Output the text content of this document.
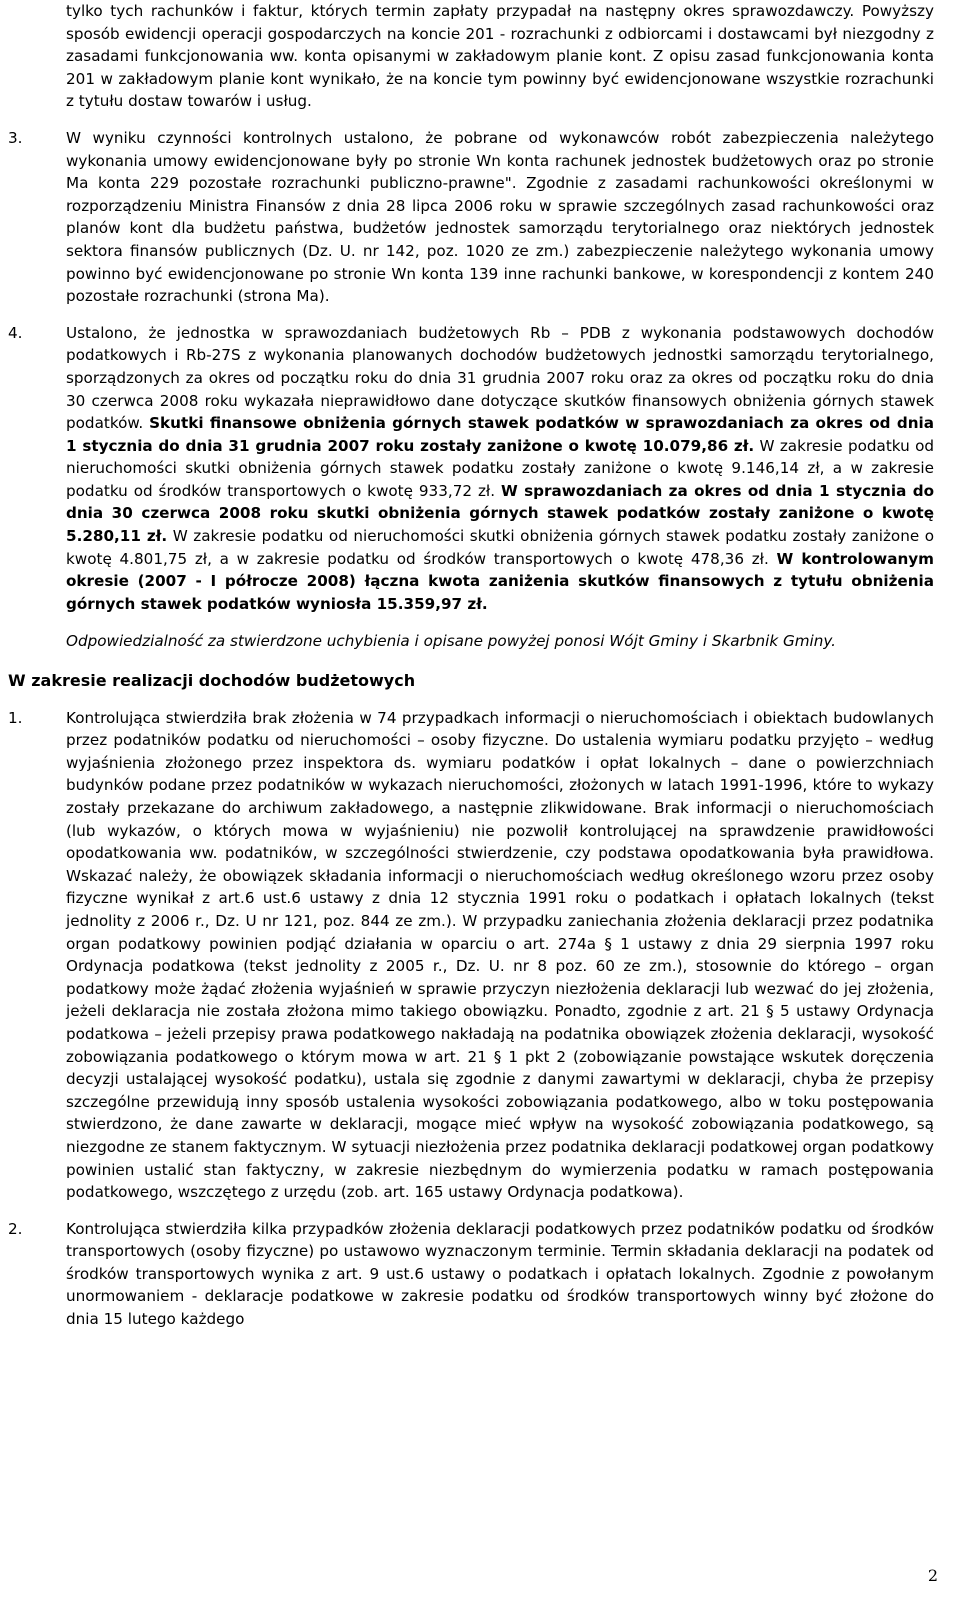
tylko tych rachunków i faktur, których termin zapłaty przypadał na następny okres sprawozdawczy. Powyższy sposób ewidencji operacji gospodarczych na koncie 201 - rozrachunki z odbiorcami i dostawcami był niezgodny z zasadami funkcjonowania ww. konta opisanymi w zakładowym planie kont. Z opisu zasad funkcjonowania konta 201 w zakładowym planie kont wynikało, że na koncie tym powinny być ewidencjonowane wszystkie rozrachunki z tytułu dostaw towarów i usług.

3.	W wyniku czynności kontrolnych ustalono, że pobrane od wykonawców robót zabezpieczenia należytego wykonania umowy ewidencjonowane były po stronie Wn konta rachunek jednostek budżetowych oraz po stronie Ma konta 229 pozostałe rozrachunki publiczno-prawne". Zgodnie z zasadami rachunkowości określonymi w rozporządzeniu Ministra Finansów z dnia 28 lipca 2006 roku w sprawie szczególnych zasad rachunkowości oraz planów kont dla budżetu państwa, budżetów jednostek samorządu terytorialnego oraz niektórych jednostek sektora finansów publicznych (Dz. U. nr 142, poz. 1020 ze zm.) zabezpieczenie należytego wykonania umowy powinno być ewidencjonowane po stronie Wn konta 139 inne rachunki bankowe, w korespondencji z kontem 240 pozostałe rozrachunki (strona Ma).

4.	Ustalono, że jednostka w sprawozdaniach budżetowych Rb – PDB z wykonania podstawowych dochodów podatkowych i Rb-27S z wykonania planowanych dochodów budżetowych jednostki samorządu terytorialnego, sporządzonych za okres od początku roku do dnia 31 grudnia 2007 roku oraz za okres od początku roku do dnia 30 czerwca 2008 roku wykazała nieprawidłowo dane dotyczące skutków finansowych obniżenia górnych stawek podatków. Skutki finansowe obniżenia górnych stawek podatków w sprawozdaniach za okres od dnia 1 stycznia do dnia 31 grudnia 2007 roku zostały zaniżone o kwotę 10.079,86 zł. W zakresie podatku od nieruchomości skutki obniżenia górnych stawek podatku zostały zaniżone o kwotę 9.146,14 zł, a w zakresie podatku od środków transportowych o kwotę 933,72 zł. W sprawozdaniach za okres od dnia 1 stycznia do dnia 30 czerwca 2008 roku skutki obniżenia górnych stawek podatków zostały zaniżone o kwotę 5.280,11 zł. W zakresie podatku od nieruchomości skutki obniżenia górnych stawek podatku zostały zaniżone o kwotę 4.801,75 zł, a w zakresie podatku od środków transportowych o kwotę 478,36 zł. W kontrolowanym okresie (2007 - I półrocze 2008) łączna kwota zaniżenia skutków finansowych z tytułu obniżenia górnych stawek podatków wyniosła 15.359,97 zł.

Odpowiedzialność za stwierdzone uchybienia i opisane powyżej ponosi Wójt Gminy i Skarbnik Gminy.

W zakresie realizacji dochodów budżetowych

1.	Kontrolująca stwierdziła brak złożenia w 74 przypadkach informacji o nieruchomościach i obiektach budowlanych przez podatników podatku od nieruchomości – osoby fizyczne. Do ustalenia wymiaru podatku przyjęto – według wyjaśnienia złożonego przez inspektora ds. wymiaru podatków i opłat lokalnych – dane o powierzchniach budynków podane przez podatników w wykazach nieruchomości, złożonych w latach 1991-1996, które to wykazy zostały przekazane do archiwum zakładowego, a następnie zlikwidowane. Brak informacji o nieruchomościach (lub wykazów, o których mowa w wyjaśnieniu) nie pozwolił kontrolującej na sprawdzenie prawidłowości opodatkowania ww. podatników, w szczególności stwierdzenie, czy podstawa opodatkowania była prawidłowa. Wskazać należy, że obowiązek składania informacji o nieruchomościach według określonego wzoru przez osoby fizyczne wynikał z art.6 ust.6 ustawy z dnia 12 stycznia 1991 roku o podatkach i opłatach lokalnych (tekst jednolity z 2006 r., Dz. U nr 121, poz. 844 ze zm.). W przypadku zaniechania złożenia deklaracji przez podatnika organ podatkowy powinien podjąć działania w oparciu o art. 274a § 1 ustawy z dnia 29 sierpnia 1997 roku Ordynacja podatkowa (tekst jednolity z 2005 r., Dz. U. nr 8 poz. 60 ze zm.), stosownie do którego – organ podatkowy może żądać złożenia wyjaśnień w sprawie przyczyn niezłożenia deklaracji lub wezwać do jej złożenia, jeżeli deklaracja nie została złożona mimo takiego obowiązku. Ponadto, zgodnie z art. 21 § 5 ustawy Ordynacja podatkowa – jeżeli przepisy prawa podatkowego nakładają na podatnika obowiązek złożenia deklaracji, wysokość zobowiązania podatkowego o którym mowa w art. 21 § 1 pkt 2 (zobowiązanie powstające wskutek doręczenia decyzji ustalającej wysokość podatku), ustala się zgodnie z danymi zawartymi w deklaracji, chyba że przepisy szczególne przewidują inny sposób ustalenia wysokości zobowiązania podatkowego, albo w toku postępowania stwierdzono, że dane zawarte w deklaracji, mogące mieć wpływ na wysokość zobowiązania podatkowego, są niezgodne ze stanem faktycznym. W sytuacji niezłożenia przez podatnika deklaracji podatkowej organ podatkowy powinien ustalić stan faktyczny, w zakresie niezbędnym do wymierzenia podatku w ramach postępowania podatkowego, wszczętego z urzędu (zob. art. 165 ustawy Ordynacja podatkowa).

2.	Kontrolująca stwierdziła kilka przypadków złożenia deklaracji podatkowych przez podatników podatku od środków transportowych (osoby fizyczne) po ustawowo wyznaczonym terminie. Termin składania deklaracji na podatek od środków transportowych wynika z art. 9 ust.6 ustawy o podatkach i opłatach lokalnych. Zgodnie z powołanym unormowaniem - deklaracje podatkowe w zakresie podatku od środków transportowych winny być złożone do dnia 15 lutego każdego

2
